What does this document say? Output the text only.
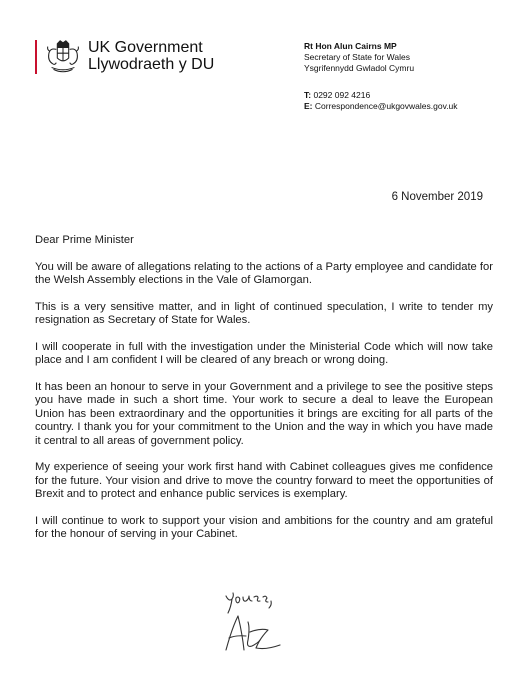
UK Government
Llywodraeth y DU
Rt Hon Alun Cairns MP
Secretary of State for Wales
Ysgrifennydd Gwladol Cymru
T: 0292 092 4216
E: Correspondence@ukgovwales.gov.uk
6 November 2019

Dear Prime Minister

You will be aware of allegations relating to the actions of a Party employee and candidate for the Welsh Assembly elections in the Vale of Glamorgan.

This is a very sensitive matter, and in light of continued speculation, I write to tender my resignation as Secretary of State for Wales.

I will cooperate in full with the investigation under the Ministerial Code which will now take place and I am confident I will be cleared of any breach or wrong doing.

It has been an honour to serve in your Government and a privilege to see the positive steps you have made in such a short time. Your work to secure a deal to leave the European Union has been extraordinary and the opportunities it brings are exciting for all parts of the country. I thank you for your commitment to the Union and the way in which you have made it central to all areas of government policy.

My experience of seeing your work first hand with Cabinet colleagues gives me confidence for the future. Your vision and drive to move the country forward to meet the opportunities of Brexit and to protect and enhance public services is exemplary.

I will continue to work to support your vision and ambitions for the country and am grateful for the honour of serving in your Cabinet.
